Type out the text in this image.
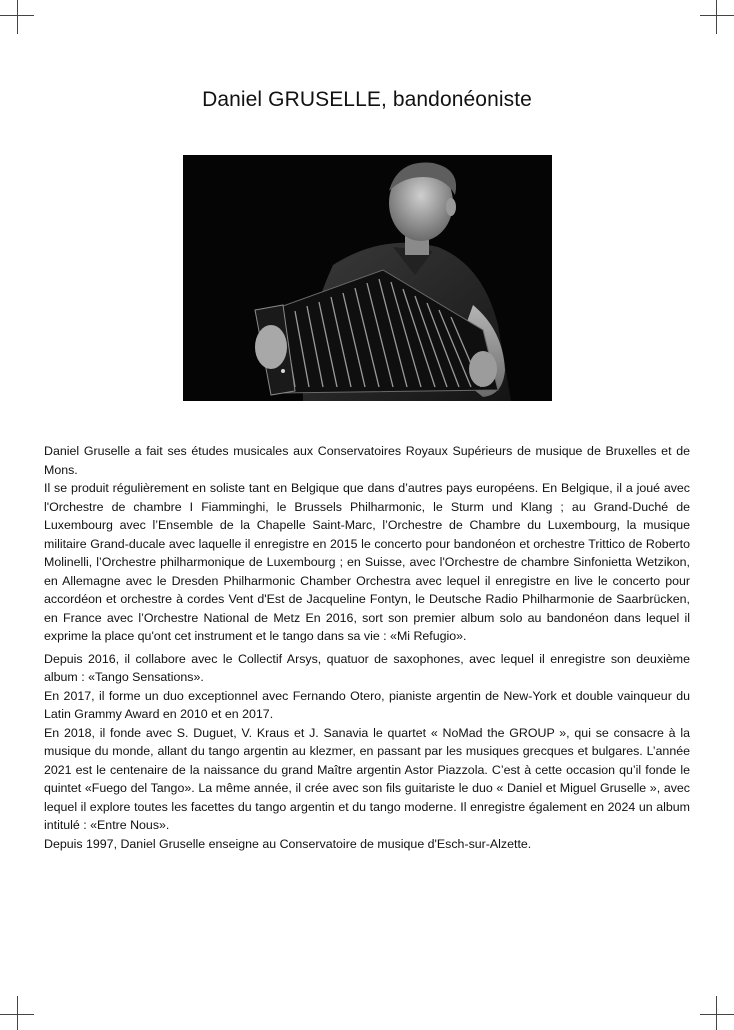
Daniel GRUSELLE, bandonéoniste

Daniel Gruselle a fait ses études musicales aux Conservatoires Royaux Supérieurs de musique de Bruxelles et de Mons.

Il se produit régulièrement en soliste tant en Belgique que dans d’autres pays européens. En Belgique, il a joué avec l'Orchestre de chambre I Fiamminghi, le Brussels Philharmonic, le Sturm und Klang ; au Grand-Duché de Luxembourg avec l’Ensemble de la Chapelle Saint-Marc, l’Orchestre de Chambre du Luxembourg, la musique militaire Grand-ducale avec laquelle il enregistre en 2015 le concerto pour bandonéon et orchestre Trittico de Roberto Molinelli, l’Orchestre philharmonique de Luxembourg ; en Suisse, avec l'Orchestre de chambre Sinfonietta Wetzikon, en Allemagne avec le Dresden Philharmonic Chamber Orchestra avec lequel il enregistre en live le concerto pour accordéon et orchestre à cordes Vent d'Est de Jacqueline Fontyn, le Deutsche Radio Philharmonie de Saarbrücken, en France avec l’Orchestre National de Metz En 2016, sort son premier album solo au bandonéon dans lequel il exprime la place qu'ont cet instrument et le tango dans sa vie : «Mi Refugio».

Depuis 2016, il collabore avec le Collectif Arsys, quatuor de saxophones, avec lequel il enregistre son deuxième album : «Tango Sensations».

En 2017, il forme un duo exceptionnel avec Fernando Otero, pianiste argentin de New-York et double vainqueur du Latin Grammy Award en 2010 et en 2017.

En 2018, il fonde avec S. Duguet, V. Kraus et J. Sanavia le quartet « NoMad the GROUP », qui se consacre à la musique du monde, allant du tango argentin au klezmer, en passant par les musiques grecques et bulgares. L’année 2021 est le centenaire de la naissance du grand Maître argentin Astor Piazzola. C’est à cette occasion qu’il fonde le quintet «Fuego del Tango». La même année, il crée avec son fils guitariste le duo « Daniel et Miguel Gruselle », avec lequel il explore toutes les facettes du tango argentin et du tango moderne. Il enregistre également en 2024 un album intitulé : «Entre Nous».

Depuis 1997, Daniel Gruselle enseigne au Conservatoire de musique d'Esch-sur-Alzette.
